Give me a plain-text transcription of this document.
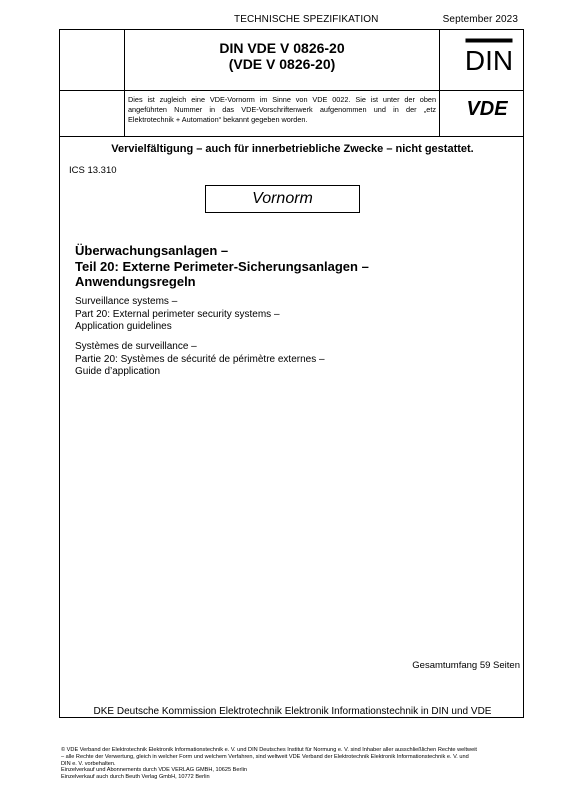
TECHNISCHE SPEZIFIKATION	September 2023
DIN VDE V 0826-20
(VDE V 0826-20)	DIN
Dies ist zugleich eine VDE-Vornorm im Sinne von VDE 0022. Sie ist unter der oben angeführten Nummer in das VDE-Vorschriftenwerk aufgenommen und in der „etz Elektrotechnik + Automation“ bekannt gegeben worden.	VDE
Vervielfältigung – auch für innerbetriebliche Zwecke – nicht gestattet.
ICS 13.310
Vornorm
Überwachungsanlagen –
Teil 20: Externe Perimeter-Sicherungsanlagen –
Anwendungsregeln
Surveillance systems –
Part 20: External perimeter security systems –
Application guidelines
Systèmes de surveillance –
Partie 20: Systèmes de sécurité de périmètre externes –
Guide d’application
Gesamtumfang 59 Seiten
DKE Deutsche Kommission Elektrotechnik Elektronik Informationstechnik in DIN und VDE
© VDE Verband der Elektrotechnik Elektronik Informationstechnik e. V. und DIN Deutsches Institut für Normung e. V. sind Inhaber aller ausschließlichen Rechte weltweit
– alle Rechte der Verwertung, gleich in welcher Form und welchem Verfahren, sind weltweit VDE Verband der Elektrotechnik Elektronik Informationstechnik e. V. und
DIN e. V. vorbehalten.
Einzelverkauf und Abonnements durch VDE VERLAG GMBH, 10625 Berlin
Einzelverkauf auch durch Beuth Verlag GmbH, 10772 Berlin
